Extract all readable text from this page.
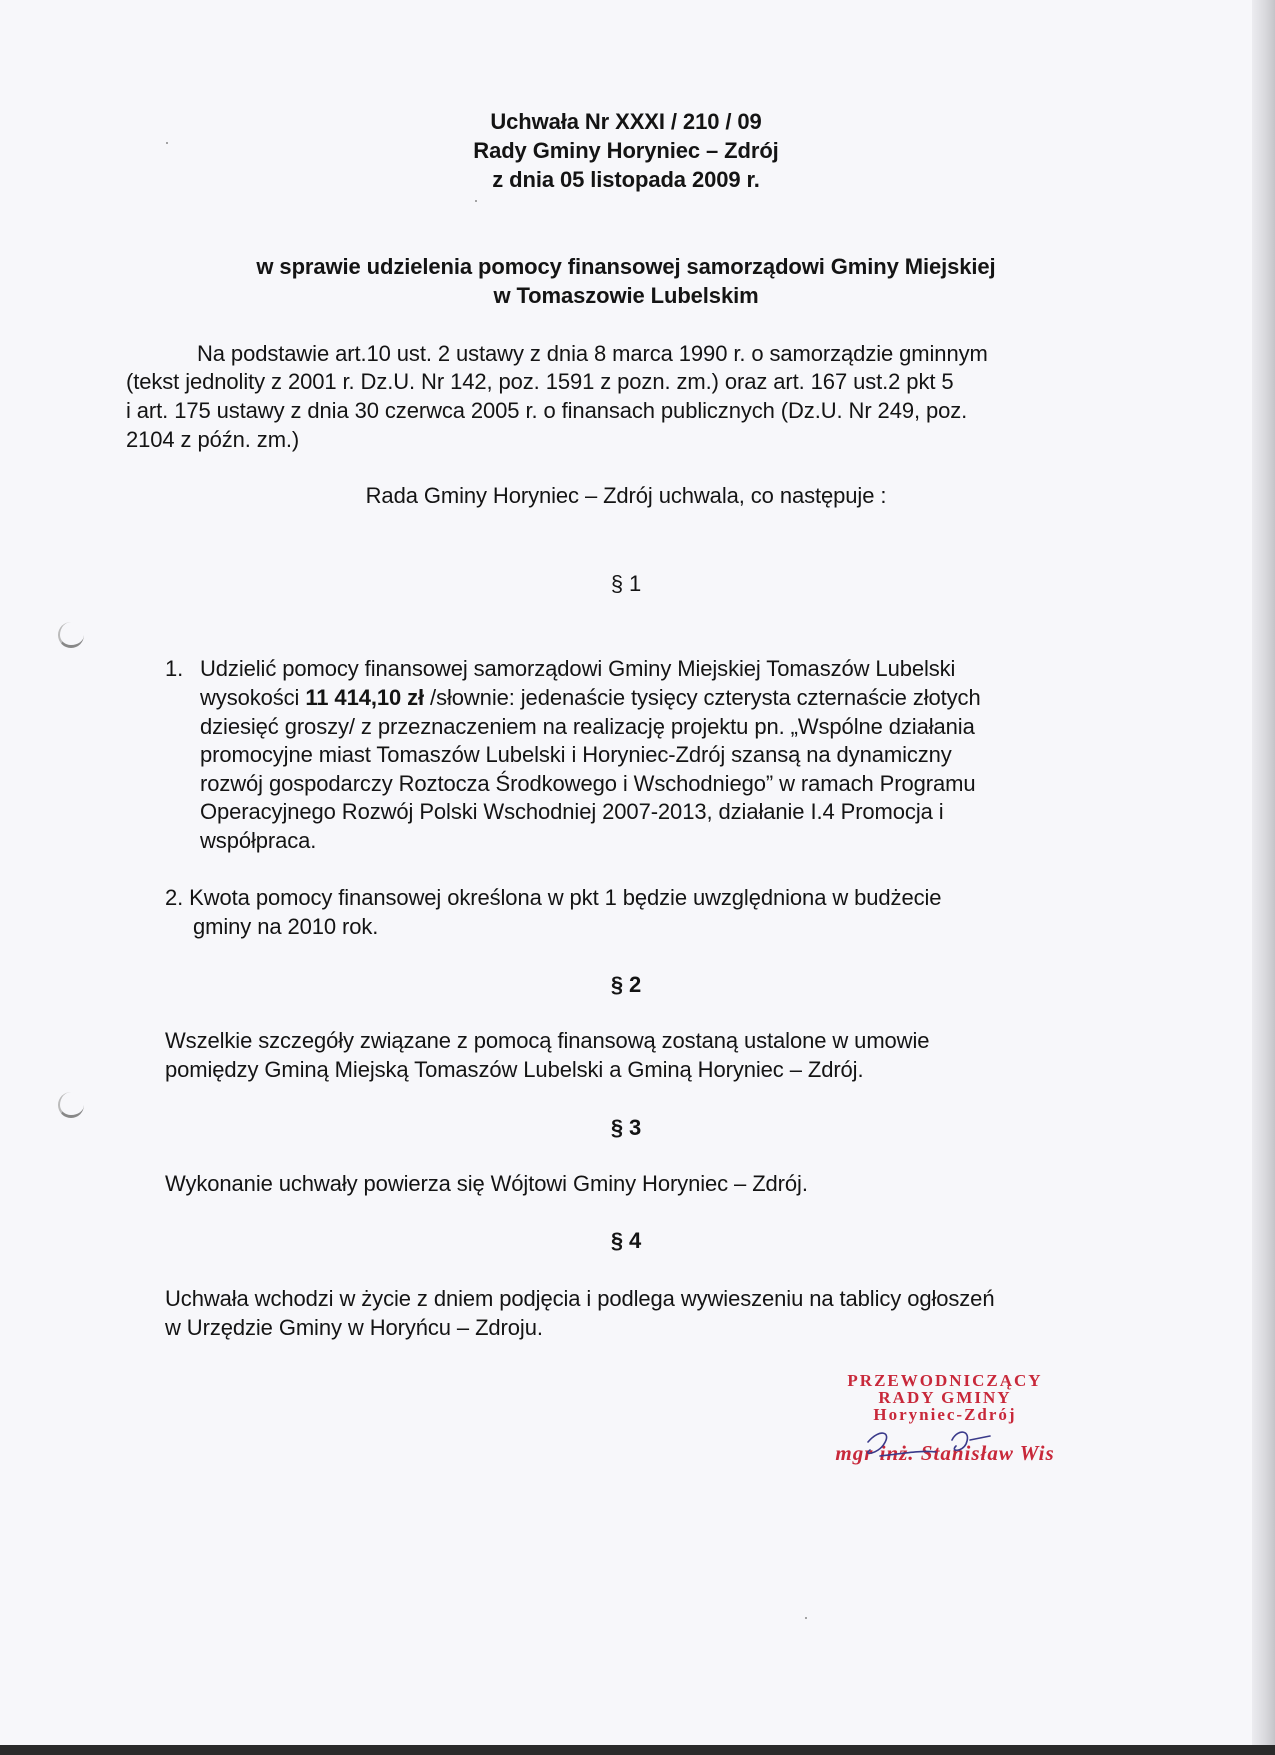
Uchwała Nr XXXI / 210 / 09
Rady Gminy Horyniec – Zdrój
z dnia 05 listopada 2009 r.
w sprawie udzielenia pomocy finansowej samorządowi Gminy Miejskiej
w Tomaszowie Lubelskim
Na podstawie art.10 ust. 2 ustawy z dnia 8 marca 1990 r. o samorządzie gminnym
(tekst jednolity z 2001 r. Dz.U. Nr 142, poz. 1591 z pozn. zm.) oraz art. 167 ust.2 pkt 5
i art. 175 ustawy z dnia 30 czerwca 2005 r. o finansach publicznych (Dz.U. Nr 249, poz.
2104 z późn. zm.)
Rada Gminy Horyniec – Zdrój uchwala, co następuje :
§ 1
1. Udzielić pomocy finansowej samorządowi Gminy Miejskiej Tomaszów Lubelski
wysokości 11 414,10 zł /słownie: jedenaście tysięcy czterysta czternaście złotych
dziesięć groszy/ z przeznaczeniem na realizację projektu pn. „Wspólne działania
promocyjne miast Tomaszów Lubelski i Horyniec-Zdrój szansą na dynamiczny
rozwój gospodarczy Roztocza Środkowego i Wschodniego” w ramach Programu
Operacyjnego Rozwój Polski Wschodniej 2007-2013, działanie I.4 Promocja i
współpraca.
2. Kwota pomocy finansowej określona w pkt 1 będzie uwzględniona w budżecie
gminy na 2010 rok.
§ 2
Wszelkie szczegóły związane z pomocą finansową zostaną ustalone w umowie
pomiędzy Gminą Miejską Tomaszów Lubelski a Gminą Horyniec – Zdrój.
§ 3
Wykonanie uchwały powierza się Wójtowi Gminy Horyniec – Zdrój.
§ 4
Uchwała wchodzi w życie z dniem podjęcia i podlega wywieszeniu na tablicy ogłoszeń
w Urzędzie Gminy w Horyńcu – Zdroju.
PRZEWODNICZĄCY
RADY GMINY
Horyniec-Zdrój
mgr inż. Stanisław Wis
